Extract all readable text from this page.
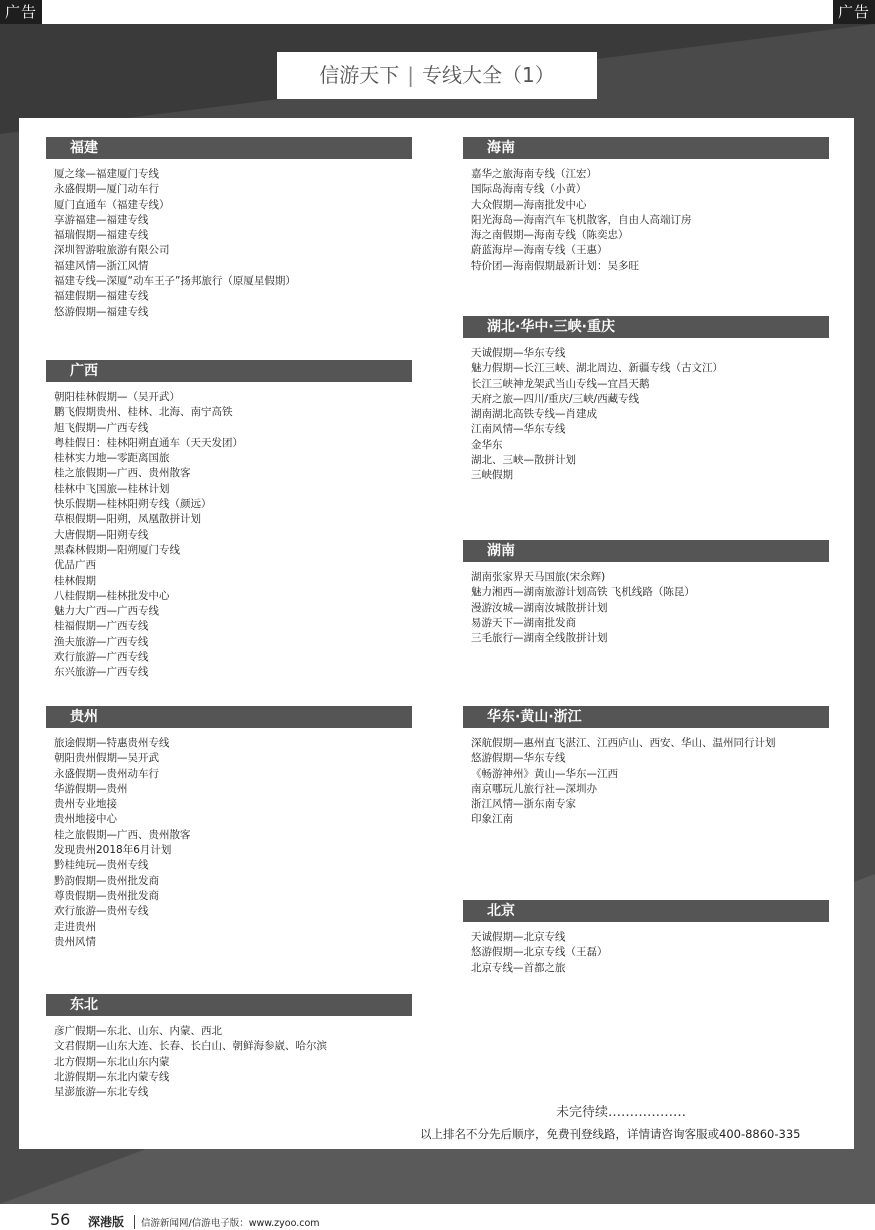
广告	广告
信游天下 | 专线大全（1）
福建
厦之缘—福建厦门专线
永盛假期—厦门动车行
厦门直通车（福建专线）
享游福建—福建专线
福瑞假期—福建专线
深圳智游啦旅游有限公司
福建风情—浙江风情
福建专线—深厦“动车王子”扬邦旅行（原厦星假期）
福建假期—福建专线
悠游假期—福建专线
广西
朝阳桂林假期—（吴开武）
鹏飞假期贵州、桂林、北海、南宁高铁
旭飞假期—广西专线
粤桂假日：桂林阳朔直通车（天天发团）
桂林实力地—零距离国旅
桂之旅假期—广西、贵州散客
桂林中飞国旅—桂林计划
快乐假期—桂林阳朔专线（颜远）
草根假期—阳朔，凤凰散拼计划
大唐假期—阳朔专线
黑森林假期—阳朔厦门专线
优品广西
桂林假期
八桂假期—桂林批发中心
魅力大广西—广西专线
桂福假期—广西专线
渔夫旅游—广西专线
欢行旅游—广西专线
东兴旅游—广西专线
贵州
旅途假期—特惠贵州专线
朝阳贵州假期—吴开武
永盛假期—贵州动车行
华游假期—贵州
贵州专业地接
贵州地接中心
桂之旅假期—广西、贵州散客
发现贵州2018年6月计划
黔桂纯玩—贵州专线
黔韵假期—贵州批发商
尊贵假期—贵州批发商
欢行旅游—贵州专线
走进贵州
贵州风情
东北
彦广假期—东北、山东、内蒙、西北
文君假期—山东大连、长春、长白山、朝鲜海参崴、哈尔滨
北方假期—东北山东内蒙
北游假期—东北内蒙专线
星澎旅游—东北专线
海南
嘉华之旅海南专线（江宏）
国际岛海南专线（小黄）
大众假期—海南批发中心
阳光海岛—海南汽车飞机散客，自由人高端订房
海之南假期—海南专线（陈奕忠）
蔚蓝海岸—海南专线（王惠）
特价团—海南假期最新计划：吴多旺
湖北·华中·三峡·重庆
天诚假期—华东专线
魅力假期—长江三峡、湖北周边、新疆专线（古文江）
长江三峡神龙架武当山专线—宜昌天鹅
天府之旅—四川/重庆/三峡/西藏专线
湖南湖北高铁专线—肖建成
江南风情—华东专线
金华东
湖北、三峡—散拼计划
三峡假期
湖南
湖南张家界天马国旅(宋余辉)
魅力湘西—湖南旅游计划高铁 飞机线路（陈昆）
漫游汝城—湖南汝城散拼计划
易游天下—湖南批发商
三毛旅行—湖南全线散拼计划
华东·黄山·浙江
深航假期—惠州直飞湛江、江西庐山、西安、华山、温州同行计划
悠游假期—华东专线
《畅游神州》黄山—华东—江西
南京哪玩儿旅行社—深圳办
浙江风情—浙东南专家
印象江南
北京
天诚假期—北京专线
悠游假期—北京专线（王磊）
北京专线—首都之旅
未完待续………………
以上排名不分先后顺序，免费刊登线路，详情请咨询客服或400-8860-335
56 深港版	信游新闻网/信游电子版：www.zyoo.com
